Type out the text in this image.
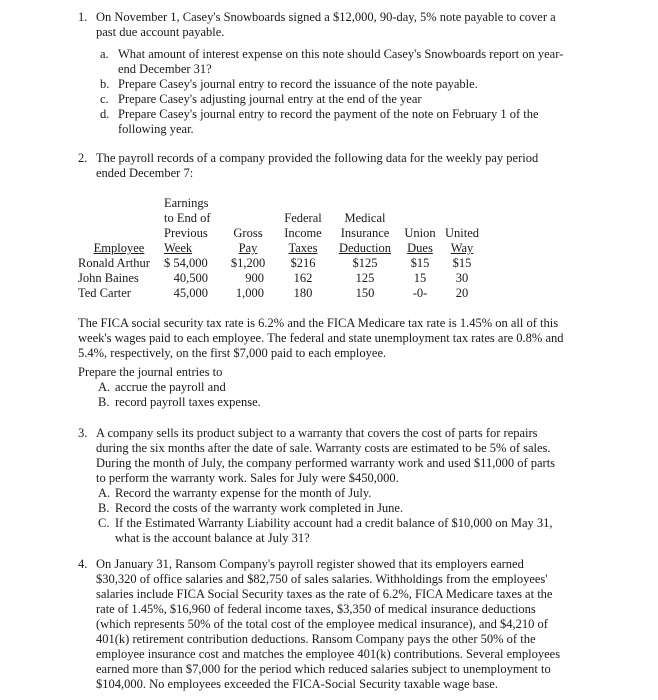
1. On November 1, Casey's Snowboards signed a $12,000, 90-day, 5% note payable to cover a
past due account payable.
a. What amount of interest expense on this note should Casey's Snowboards report on year-
end December 31?
b. Prepare Casey's journal entry to record the issuance of the note payable.
c. Prepare Casey's adjusting journal entry at the end of the year
d. Prepare Casey's journal entry to record the payment of the note on February 1 of the
following year.
2. The payroll records of a company provided the following data for the weekly pay period
ended December 7:
	Earnings					
	to End of		Federal	Medical		
	Previous	Gross	Income	Insurance	Union	United
Employee	Week	Pay	Taxes	Deduction	Dues	Way
Ronald Arthur	$ 54,000	$1,200	$216	$125	$15	$15
John Baines	40,500	900	162	125	15	30
Ted Carter	45,000	1,000	180	150	-0-	20
The FICA social security tax rate is 6.2% and the FICA Medicare tax rate is 1.45% on all of this
week's wages paid to each employee. The federal and state unemployment tax rates are 0.8% and
5.4%, respectively, on the first $7,000 paid to each employee.
Prepare the journal entries to
A. accrue the payroll and
B. record payroll taxes expense.
3. A company sells its product subject to a warranty that covers the cost of parts for repairs
during the six months after the date of sale. Warranty costs are estimated to be 5% of sales.
During the month of July, the company performed warranty work and used $11,000 of parts
to perform the warranty work. Sales for July were $450,000.
A. Record the warranty expense for the month of July.
B. Record the costs of the warranty work completed in June.
C. If the Estimated Warranty Liability account had a credit balance of $10,000 on May 31,
what is the account balance at July 31?
4. On January 31, Ransom Company's payroll register showed that its employers earned
$30,320 of office salaries and $82,750 of sales salaries. Withholdings from the employees'
salaries include FICA Social Security taxes as the rate of 6.2%, FICA Medicare taxes at the
rate of 1.45%, $16,960 of federal income taxes, $3,350 of medical insurance deductions
(which represents 50% of the total cost of the employee medical insurance), and $4,210 of
401(k) retirement contribution deductions. Ransom Company pays the other 50% of the
employee insurance cost and matches the employee 401(k) contributions. Several employees
earned more than $7,000 for the period which reduced salaries subject to unemployment to
$104,000. No employees exceeded the FICA-Social Security taxable wage base.
